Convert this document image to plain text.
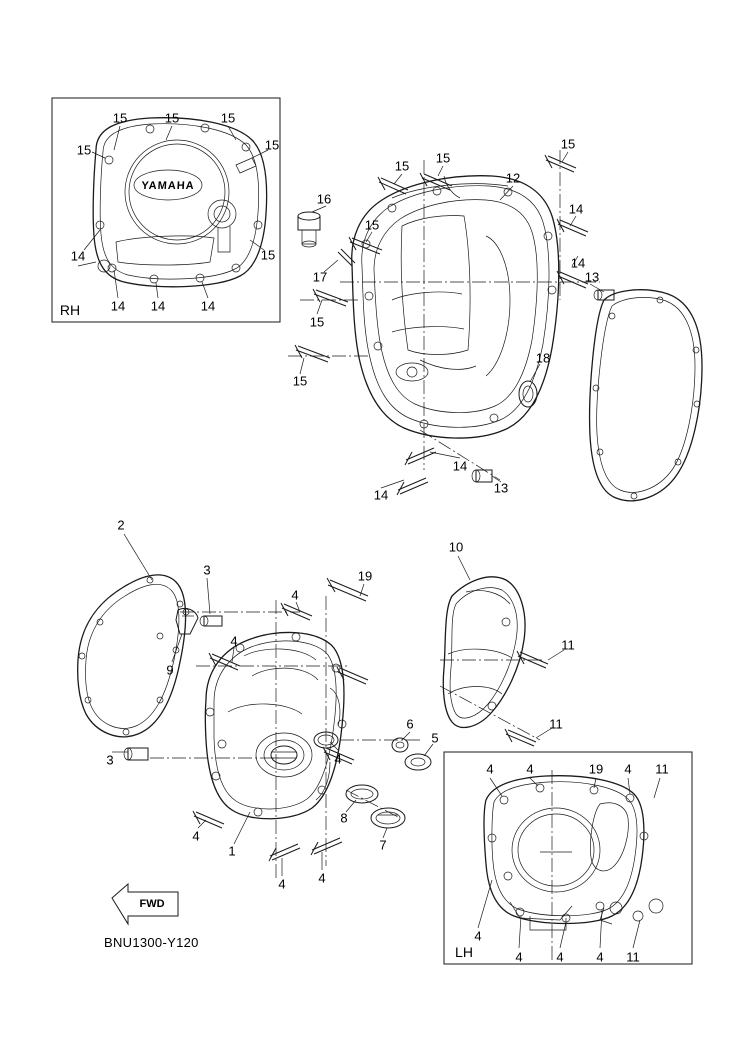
RH
LH
YAMAHA
FWD
BNU1300-Y120
15	15	15
15	15
15
14
14 14	14
16
17
15
15
12
15
14
14
13
15
15
15
18
14
14	13
2
3	19
4
9
4
10
11
11
3
6
5
4
8
7
4
1
4	4
4	4	19 4 11
4
4	4	4 11
